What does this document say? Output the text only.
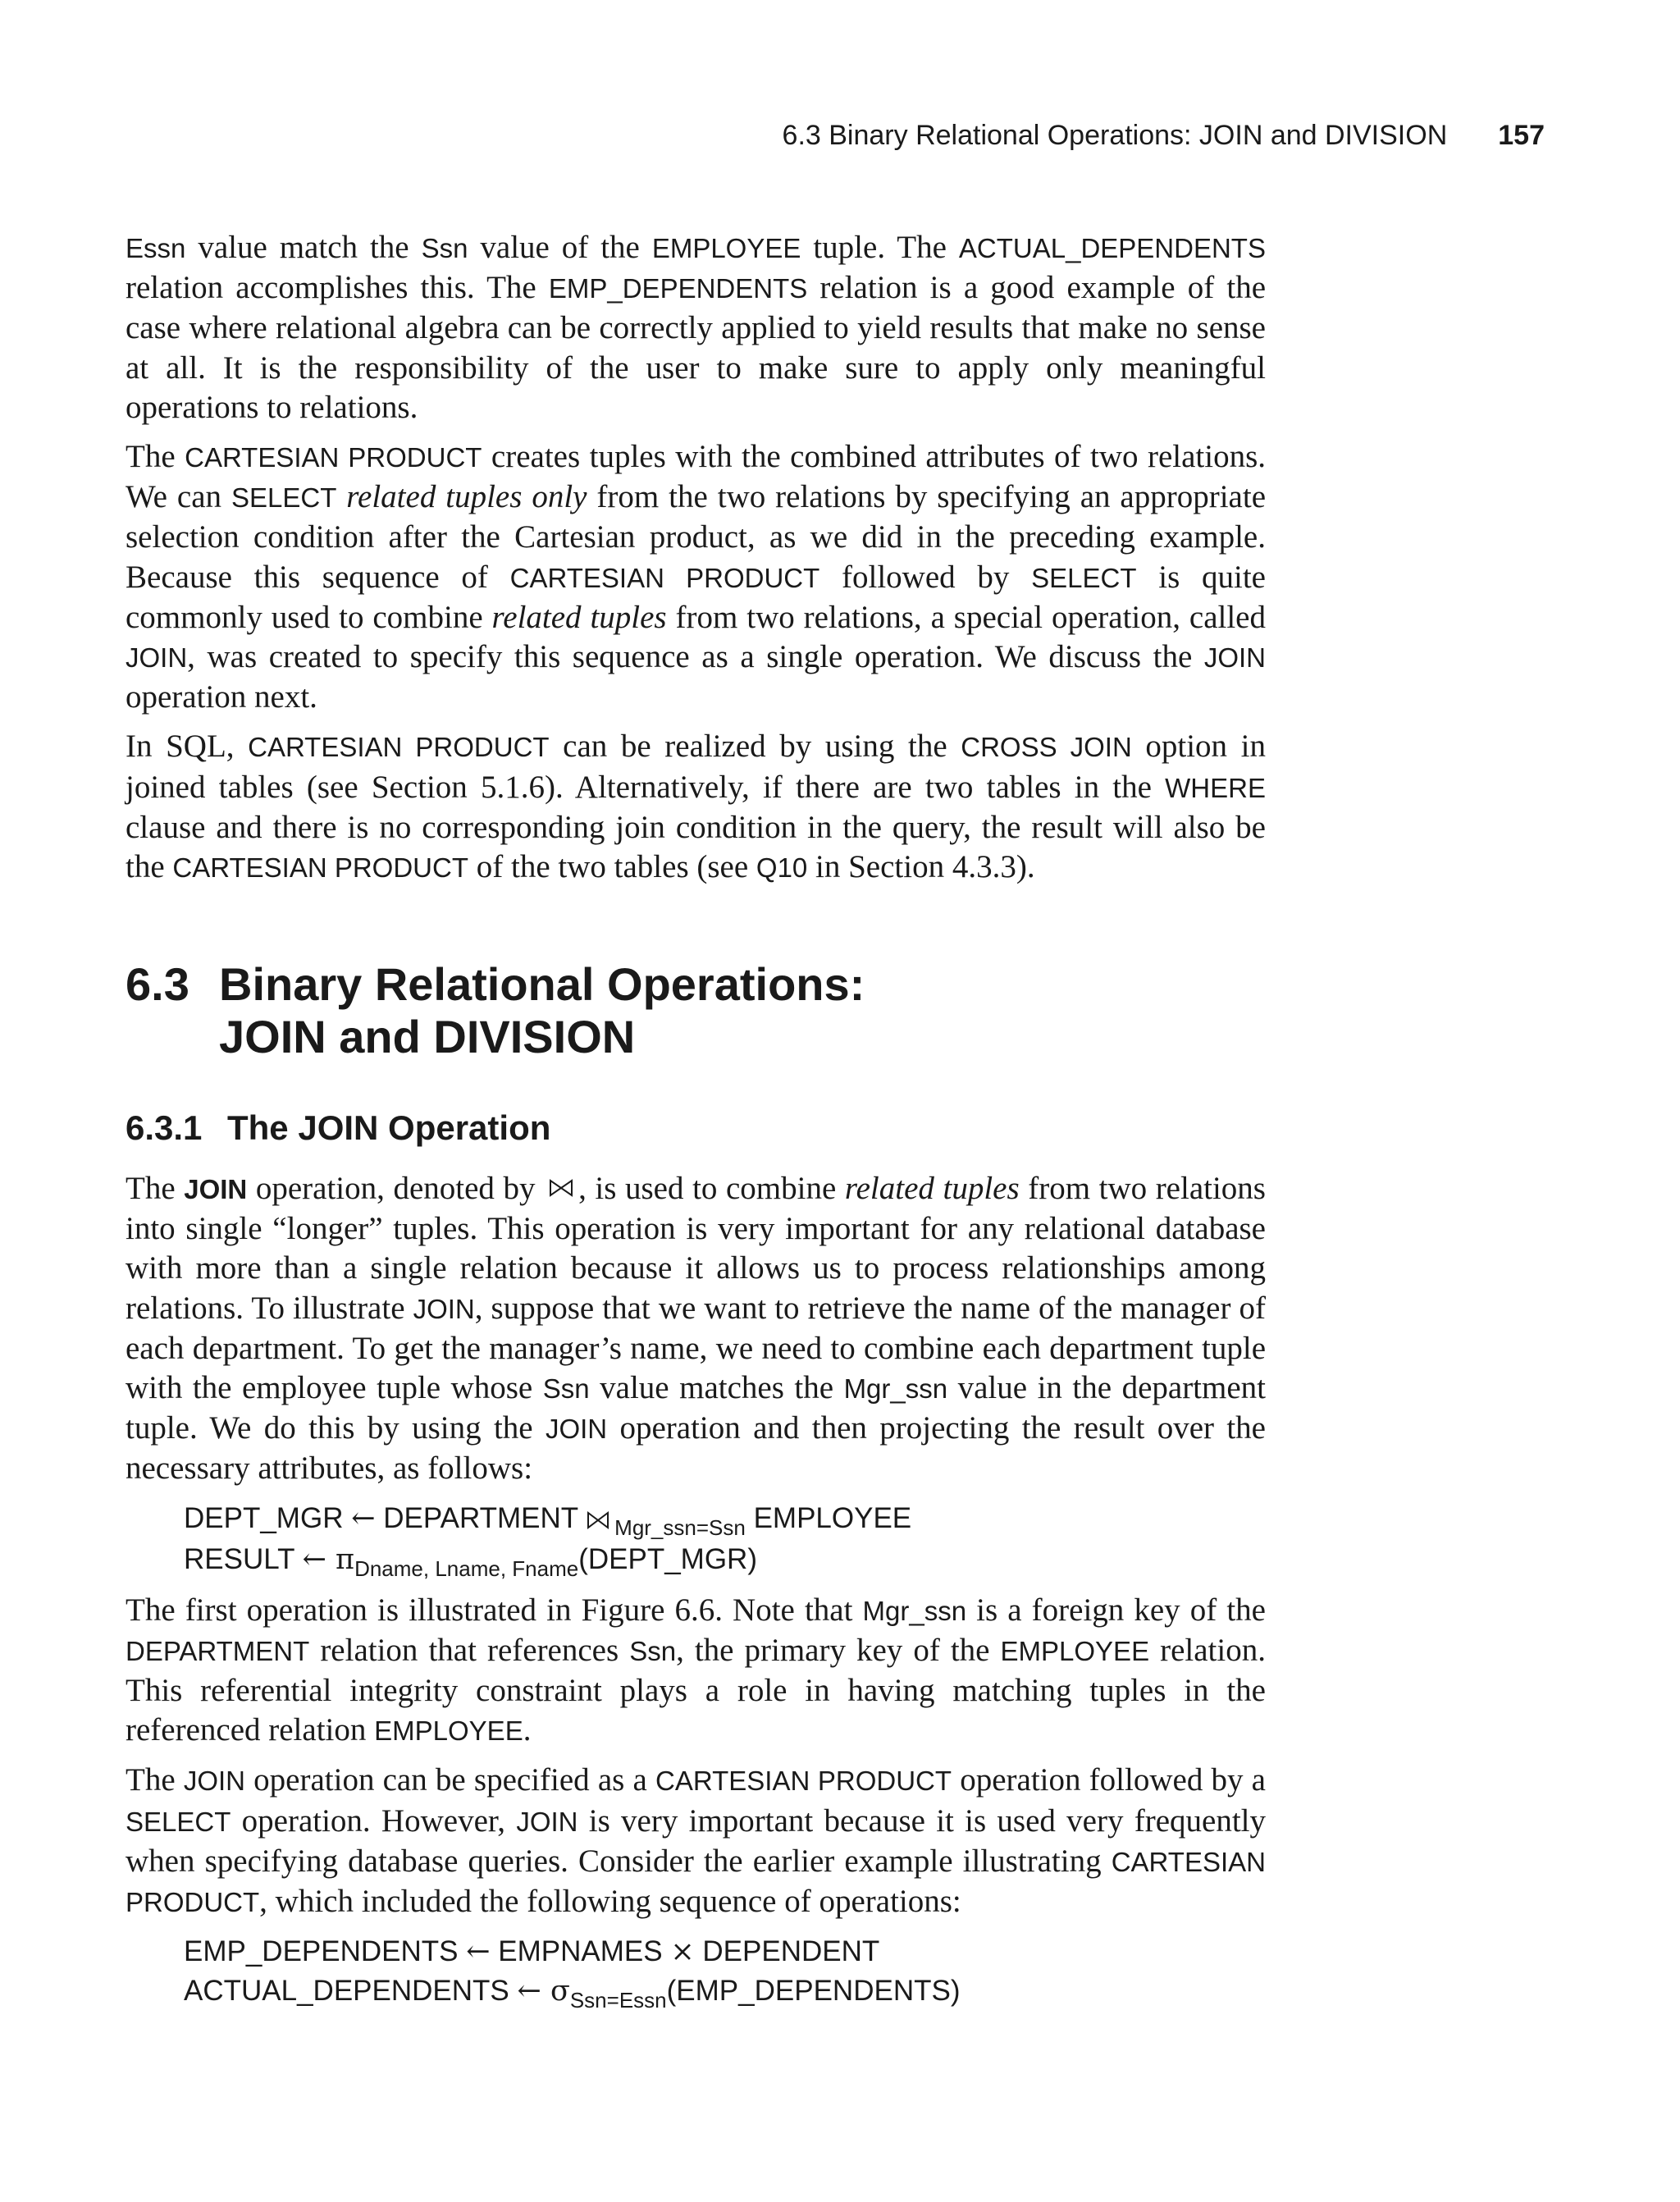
6.3 Binary Relational Operations: JOIN and DIVISION 157

Essn value match the Ssn value of the EMPLOYEE tuple. The ACTUAL_DEPENDENTS relation accomplishes this. The EMP_DEPENDENTS relation is a good example of the case where relational algebra can be correctly applied to yield results that make no sense at all. It is the responsibility of the user to make sure to apply only meaningful operations to relations.

The CARTESIAN PRODUCT creates tuples with the combined attributes of two relations. We can SELECT related tuples only from the two relations by specifying an appropriate selection condition after the Cartesian product, as we did in the preceding example. Because this sequence of CARTESIAN PRODUCT followed by SELECT is quite commonly used to combine related tuples from two relations, a special operation, called JOIN, was created to specify this sequence as a single operation. We discuss the JOIN operation next.

In SQL, CARTESIAN PRODUCT can be realized by using the CROSS JOIN option in joined tables (see Section 5.1.6). Alternatively, if there are two tables in the WHERE clause and there is no corresponding join condition in the query, the result will also be the CARTESIAN PRODUCT of the two tables (see Q10 in Section 4.3.3).

6.3 Binary Relational Operations:
JOIN and DIVISION
6.3.1 The JOIN Operation

The JOIN operation, denoted by , is used to combine related tuples from two relations into single “longer” tuples. This operation is very important for any relational database with more than a single relation because it allows us to process relationships among relations. To illustrate JOIN, suppose that we want to retrieve the name of the manager of each department. To get the manager’s name, we need to combine each department tuple with the employee tuple whose Ssn value matches the Mgr_ssn value in the department tuple. We do this by using the JOIN operation and then projecting the result over the necessary attributes, as follows:

DEPT_MGR ← DEPARTMENT $_{Mgr\_ssn=Ssn}$ EMPLOYEE
RESULT ← $\pi_{Dname, Lname, Fname}(DEPT\_MGR)$

The first operation is illustrated in Figure 6.6. Note that Mgr_ssn is a foreign key of the DEPARTMENT relation that references Ssn, the primary key of the EMPLOYEE relation. This referential integrity constraint plays a role in having matching tuples in the referenced relation EMPLOYEE.

The JOIN operation can be specified as a CARTESIAN PRODUCT operation followed by a SELECT operation. However, JOIN is very important because it is used very frequently when specifying database queries. Consider the earlier example illustrating CARTESIAN PRODUCT, which included the following sequence of operations:

EMP_DEPENDENTS ← EMPNAMES × DEPENDENT
ACTUAL_DEPENDENTS ← $\sigma_{Ssn=Essn}(EMP\_DEPENDENTS)$
